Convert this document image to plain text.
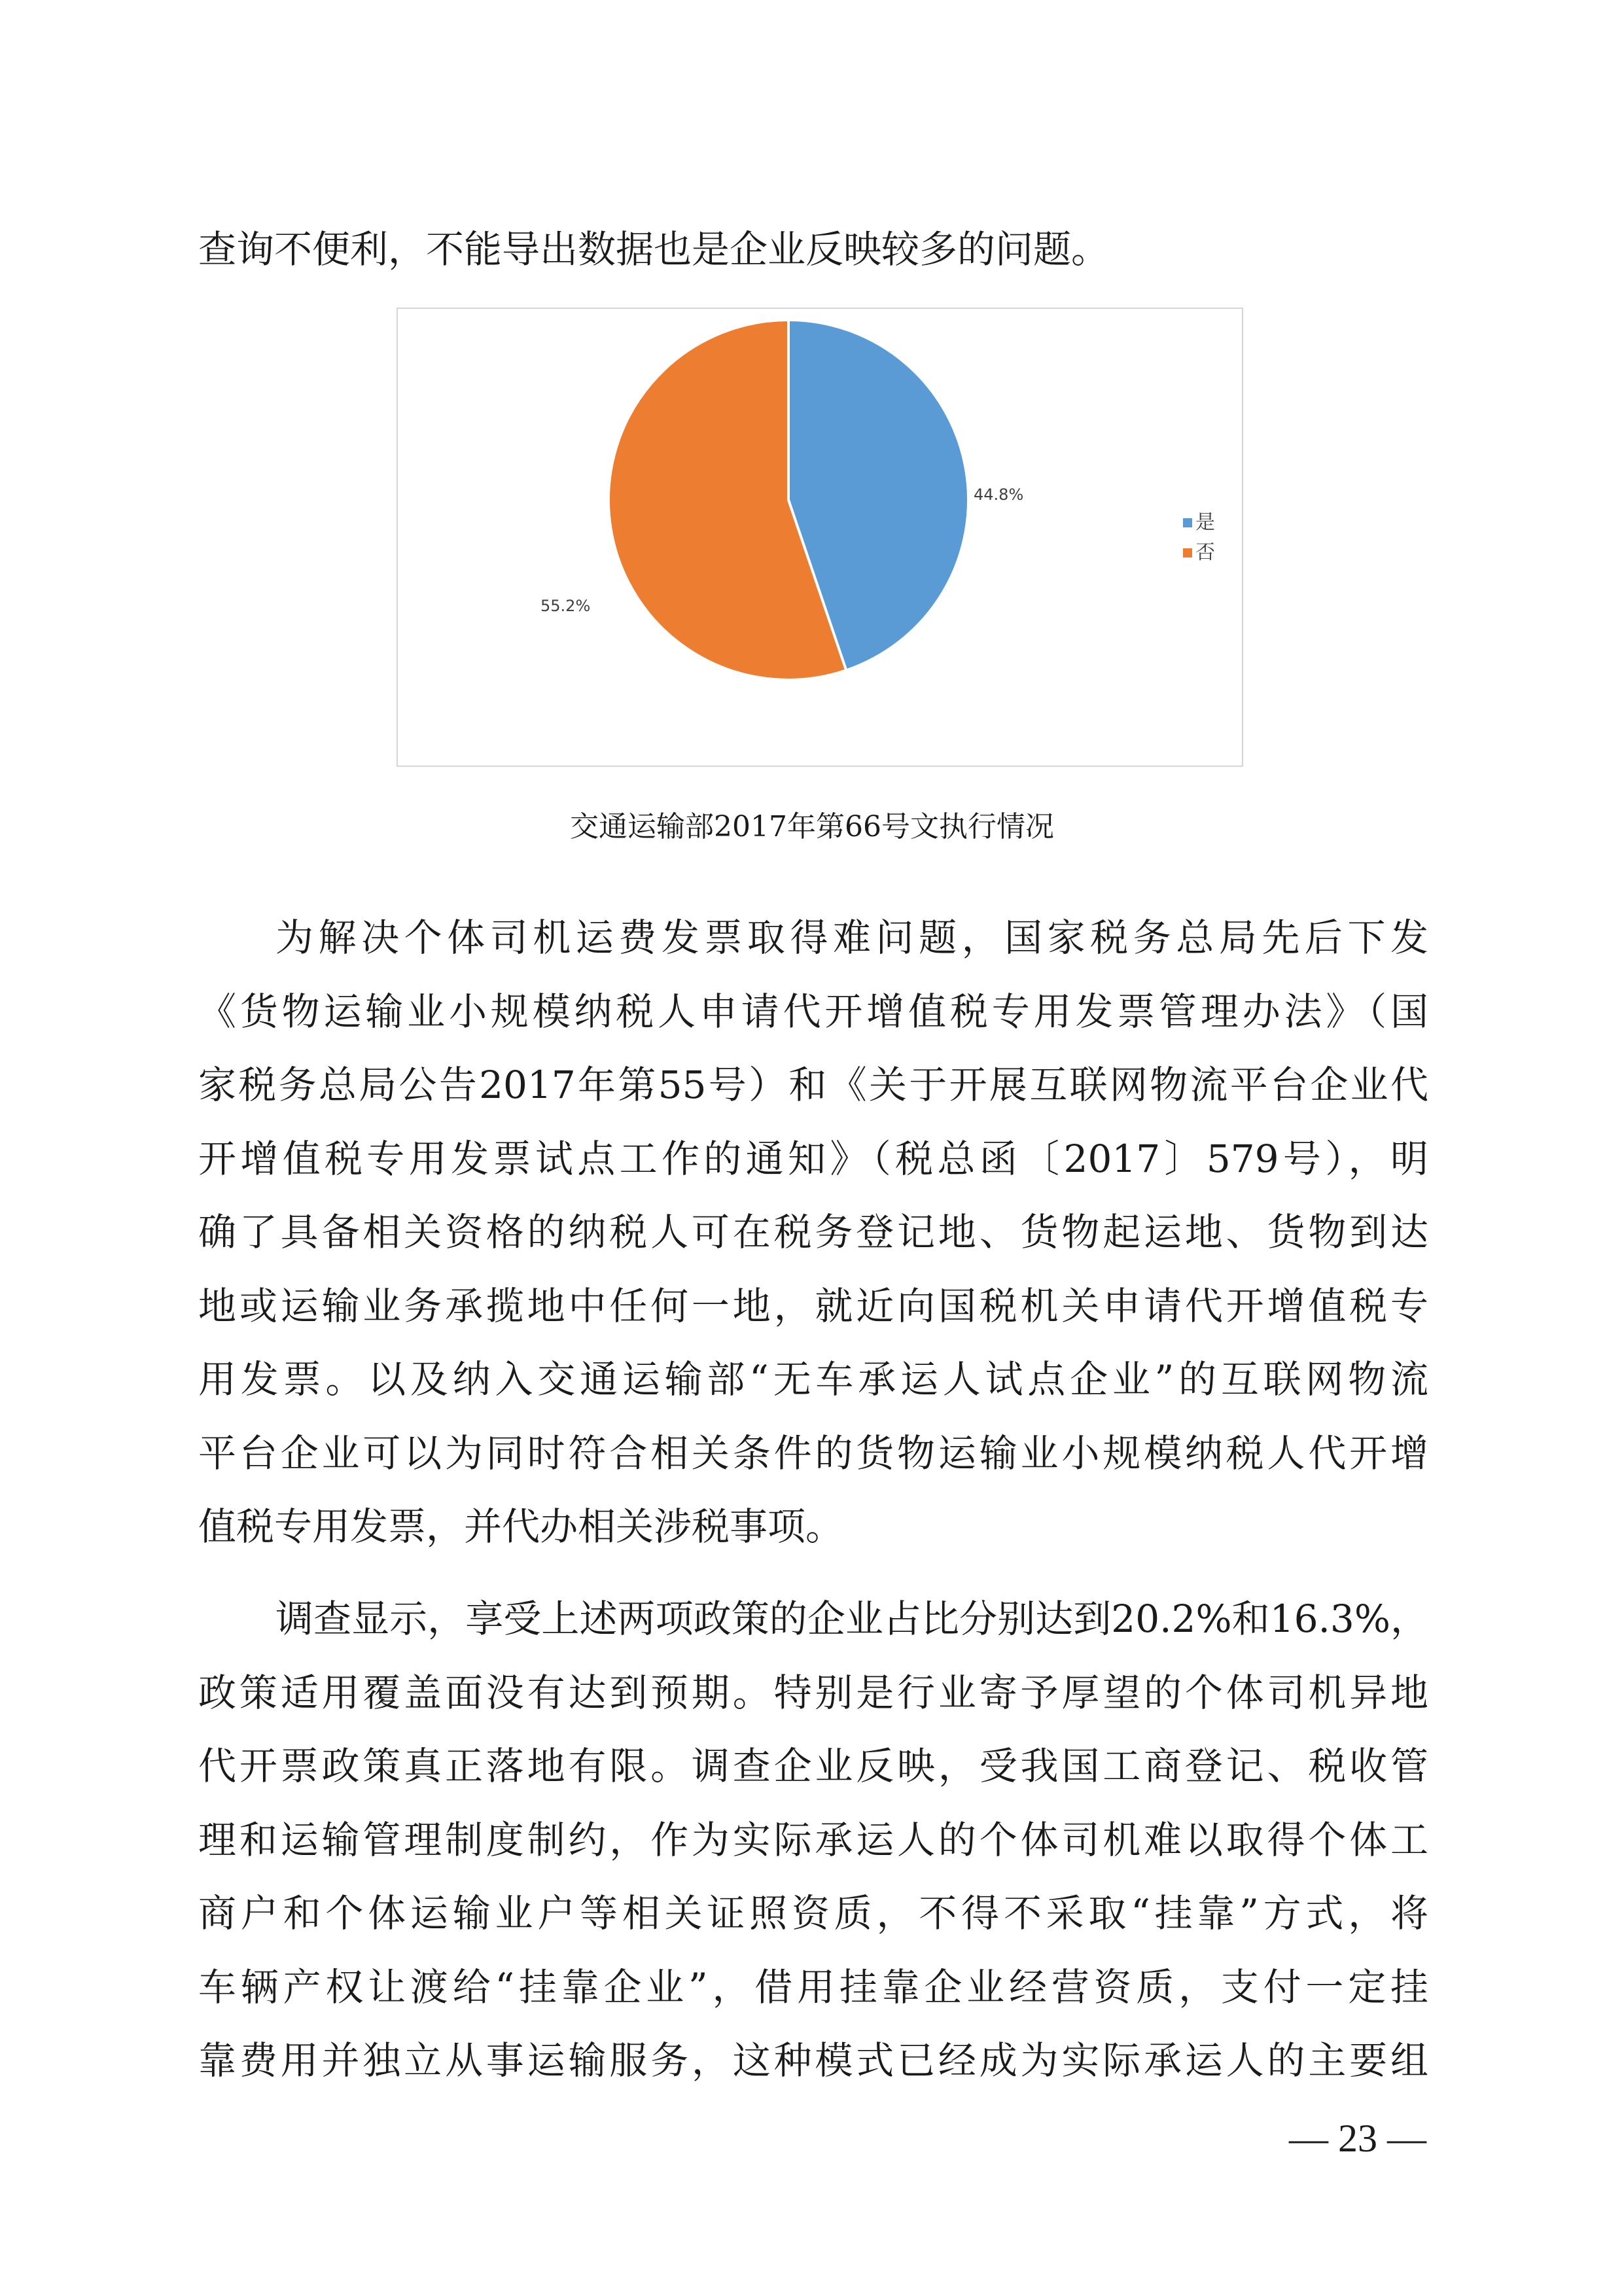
查询不便利，不能导出数据也是企业反映较多的问题。
44.8%
55.2%
是
否
交通运输部2017年第66号文执行情况
为解决个体司机运费发票取得难问题，国家税务总局先后下发
《货物运输业小规模纳税人申请代开增值税专用发票管理办法》（国
家税务总局公告2017年第55号）和《关于开展互联网物流平台企业代
开增值税专用发票试点工作的通知》（税总函〔2017〕579号），明
确了具备相关资格的纳税人可在税务登记地、货物起运地、货物到达
地或运输业务承揽地中任何一地，就近向国税机关申请代开增值税专
用发票。以及纳入交通运输部“无车承运人试点企业”的互联网物流
平台企业可以为同时符合相关条件的货物运输业小规模纳税人代开增
值税专用发票，并代办相关涉税事项。
调查显示，享受上述两项政策的企业占比分别达到20.2%和16.3%，
政策适用覆盖面没有达到预期。特别是行业寄予厚望的个体司机异地
代开票政策真正落地有限。调查企业反映，受我国工商登记、税收管
理和运输管理制度制约，作为实际承运人的个体司机难以取得个体工
商户和个体运输业户等相关证照资质，不得不采取“挂靠”方式，将
车辆产权让渡给“挂靠企业”，借用挂靠企业经营资质，支付一定挂
靠费用并独立从事运输服务，这种模式已经成为实际承运人的主要组
— 23 —
